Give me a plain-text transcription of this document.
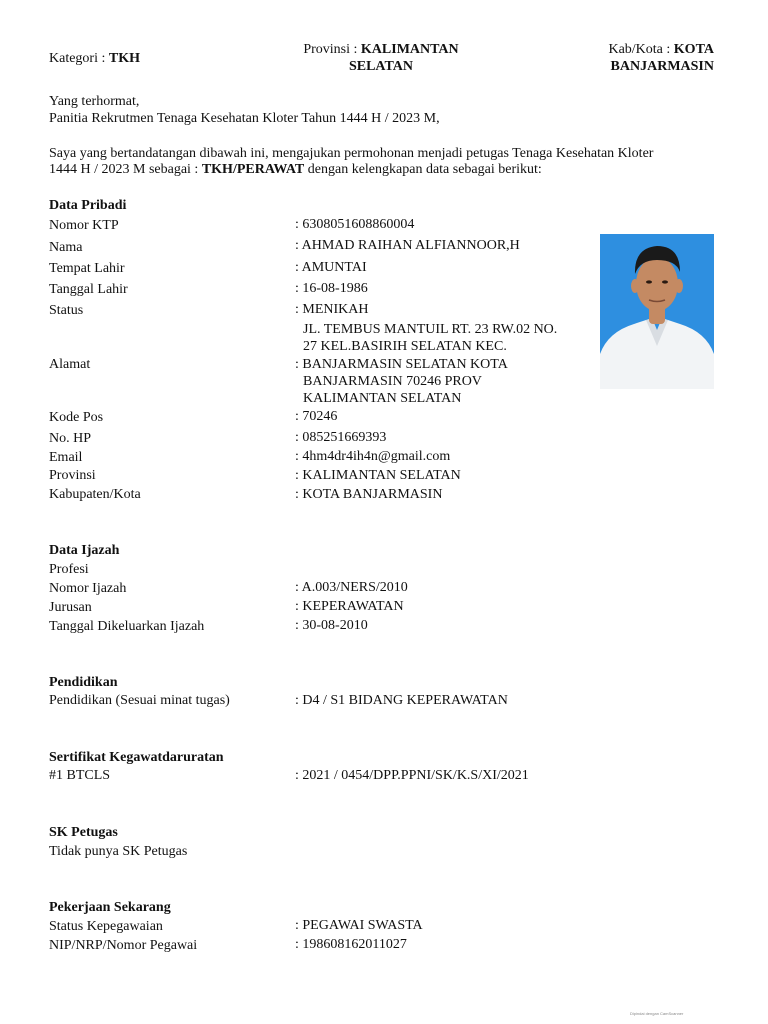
Kategori : TKH
Provinsi : KALIMANTAN
SELATAN
Kab/Kota : KOTA
BANJARMASIN
Yang terhormat,
Panitia Rekrutmen Tenaga Kesehatan Kloter Tahun 1444 H / 2023 M,
Saya yang bertandatangan dibawah ini, mengajukan permohonan menjadi petugas Tenaga Kesehatan Kloter
1444 H / 2023 M sebagai : TKH/PERAWAT dengan kelengkapan data sebagai berikut:
Data Pribadi
Nomor KTP	: 6308051608860004
Nama	: AHMAD RAIHAN ALFIANNOOR,H
Tempat Lahir	: AMUNTAI
Tanggal Lahir	: 16-08-1986
Status	: MENIKAH
JL. TEMBUS MANTUIL RT. 23 RW.02 NO.
27 KEL.BASIRIH SELATAN KEC.
Alamat	: BANJARMASIN SELATAN KOTA
BANJARMASIN 70246 PROV
KALIMANTAN SELATAN
Kode Pos	: 70246
No. HP	: 085251669393
Email	: 4hm4dr4ih4n@gmail.com
Provinsi	: KALIMANTAN SELATAN
Kabupaten/Kota	: KOTA BANJARMASIN
Data Ijazah
Profesi
Nomor Ijazah	: A.003/NERS/2010
Jurusan	: KEPERAWATAN
Tanggal Dikeluarkan Ijazah	: 30-08-2010
Pendidikan
Pendidikan (Sesuai minat tugas)	: D4 / S1 BIDANG KEPERAWATAN
Sertifikat Kegawatdaruratan
#1 BTCLS	: 2021 / 0454/DPP.PPNI/SK/K.S/XI/2021
SK Petugas
Tidak punya SK Petugas
Pekerjaan Sekarang
Status Kepegawaian	: PEGAWAI SWASTA
NIP/NRP/Nomor Pegawai	: 198608162011027
Dipindai dengan CamScanner
